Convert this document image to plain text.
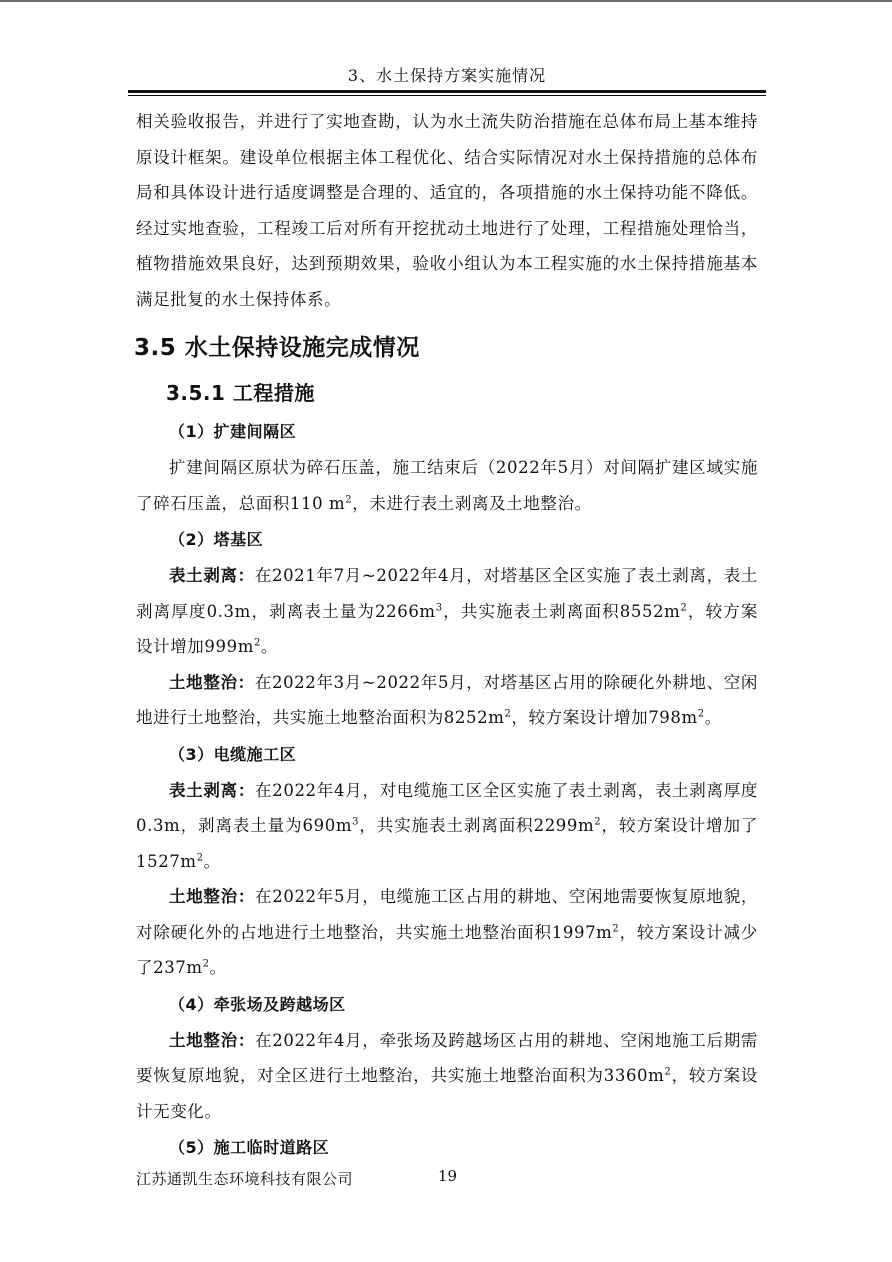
3、水土保持方案实施情况

相关验收报告，并进行了实地查勘，认为水土流失防治措施在总体布局上基本维持原设计框架。建设单位根据主体工程优化、结合实际情况对水土保持措施的总体布局和具体设计进行适度调整是合理的、适宜的，各项措施的水土保持功能不降低。经过实地查验，工程竣工后对所有开挖扰动土地进行了处理，工程措施处理恰当，植物措施效果良好，达到预期效果，验收小组认为本工程实施的水土保持措施基本满足批复的水土保持体系。

3.5 水土保持设施完成情况
3.5.1 工程措施
（1）扩建间隔区

扩建间隔区原状为碎石压盖，施工结束后（2022年5月）对间隔扩建区域实施了碎石压盖，总面积110 $m^2$，未进行表土剥离及土地整治。

（2）塔基区

表土剥离：在2021年7月~2022年4月，对塔基区全区实施了表土剥离，表土剥离厚度0.3m，剥离表土量为$2266m^3$，共实施表土剥离面积$8552m^2$，较方案设计增加$999m^2$。

土地整治：在2022年3月~2022年5月，对塔基区占用的除硬化外耕地、空闲地进行土地整治，共实施土地整治面积为$8252m^2$，较方案设计增加$798m^2$。

（3）电缆施工区

表土剥离：在2022年4月，对电缆施工区全区实施了表土剥离，表土剥离厚度0.3m，剥离表土量为$690m^3$，共实施表土剥离面积$2299m^2$，较方案设计增加了$1527m^2$。

土地整治：在2022年5月，电缆施工区占用的耕地、空闲地需要恢复原地貌，对除硬化外的占地进行土地整治，共实施土地整治面积$1997m^2$，较方案设计减少了$237m^2$。

（4）牵张场及跨越场区

土地整治：在2022年4月，牵张场及跨越场区占用的耕地、空闲地施工后期需要恢复原地貌，对全区进行土地整治，共实施土地整治面积为$3360m^2$，较方案设计无变化。

（5）施工临时道路区
江苏通凯生态环境科技有限公司	19
